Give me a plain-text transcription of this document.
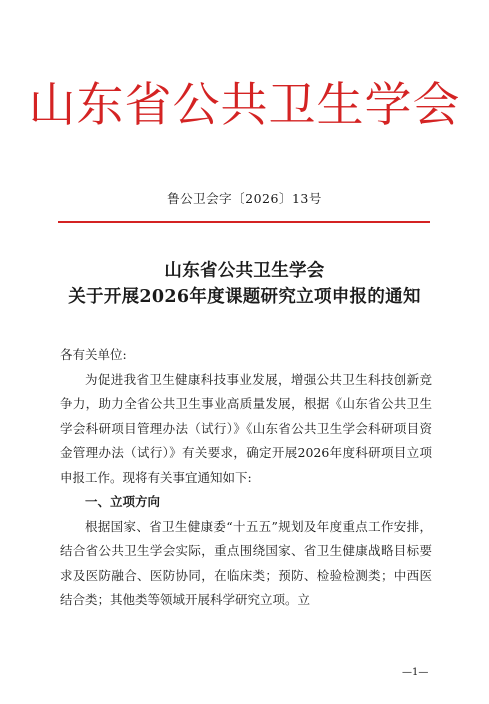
山东省公共卫生学会
鲁公卫会字〔2026〕13号
山东省公共卫生学会
关于开展2026年度课题研究立项申报的通知

各有关单位:

为促进我省卫生健康科技事业发展，增强公共卫生科技创新竞争力，助力全省公共卫生事业高质量发展，根据《山东省公共卫生学会科研项目管理办法（试行）》《山东省公共卫生学会科研项目资金管理办法（试行）》有关要求，确定开展2026年度科研项目立项申报工作。现将有关事宜通知如下:

一、立项方向

根据国家、省卫生健康委“十五五”规划及年度重点工作安排，结合省公共卫生学会实际，重点围绕国家、省卫生健康战略目标要求及医防融合、医防协同，在临床类；预防、检验检测类；中西医结合类；其他类等领域开展科学研究立项。立

—1—
